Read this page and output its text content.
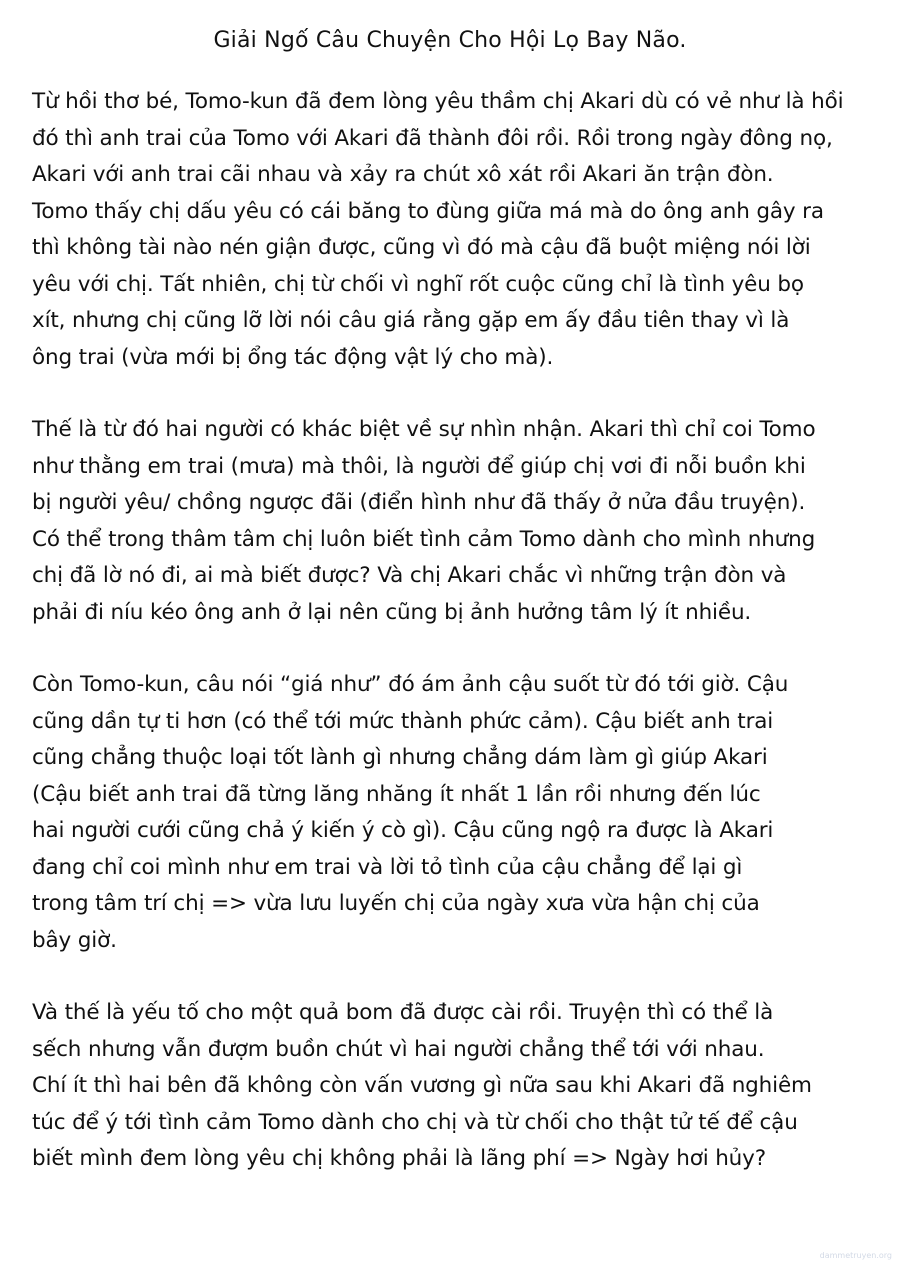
Giải Ngố Câu Chuyện Cho Hội Lọ Bay Não.
Từ hồi thơ bé, Tomo-kun đã đem lòng yêu thầm chị Akari dù có vẻ như là hồi
đó thì anh trai của Tomo với Akari đã thành đôi rồi. Rồi trong ngày đông nọ,
Akari với anh trai cãi nhau và xảy ra chút xô xát rồi Akari ăn trận đòn.
Tomo thấy chị dấu yêu có cái băng to đùng giữa má mà do ông anh gây ra
thì không tài nào nén giận được, cũng vì đó mà cậu đã buột miệng nói lời
yêu với chị. Tất nhiên, chị từ chối vì nghĩ rốt cuộc cũng chỉ là tình yêu bọ
xít, nhưng chị cũng lỡ lời nói câu giá rằng gặp em ấy đầu tiên thay vì là
ông trai (vừa mới bị ổng tác động vật lý cho mà).
Thế là từ đó hai người có khác biệt về sự nhìn nhận. Akari thì chỉ coi Tomo
như thằng em trai (mưa) mà thôi, là người để giúp chị vơi đi nỗi buồn khi
bị người yêu/ chồng ngược đãi (điển hình như đã thấy ở nửa đầu truyện).
Có thể trong thâm tâm chị luôn biết tình cảm Tomo dành cho mình nhưng
chị đã lờ nó đi, ai mà biết được? Và chị Akari chắc vì những trận đòn và
phải đi níu kéo ông anh ở lại nên cũng bị ảnh hưởng tâm lý ít nhiều.
Còn Tomo-kun, câu nói “giá như” đó ám ảnh cậu suốt từ đó tới giờ. Cậu
cũng dần tự ti hơn (có thể tới mức thành phức cảm). Cậu biết anh trai
cũng chẳng thuộc loại tốt lành gì nhưng chẳng dám làm gì giúp Akari
(Cậu biết anh trai đã từng lăng nhăng ít nhất 1 lần rồi nhưng đến lúc
hai người cưới cũng chả ý kiến ý cò gì). Cậu cũng ngộ ra được là Akari
đang chỉ coi mình như em trai và lời tỏ tình của cậu chẳng để lại gì
trong tâm trí chị => vừa lưu luyến chị của ngày xưa vừa hận chị của
bây giờ.
Và thế là yếu tố cho một quả bom đã được cài rồi. Truyện thì có thể là
sếch nhưng vẫn đượm buồn chút vì hai người chẳng thể tới với nhau.
Chí ít thì hai bên đã không còn vấn vương gì nữa sau khi Akari đã nghiêm
túc để ý tới tình cảm Tomo dành cho chị và từ chối cho thật tử tế để cậu
biết mình đem lòng yêu chị không phải là lãng phí => Ngày hơi hủy?
dammetruyen.org
